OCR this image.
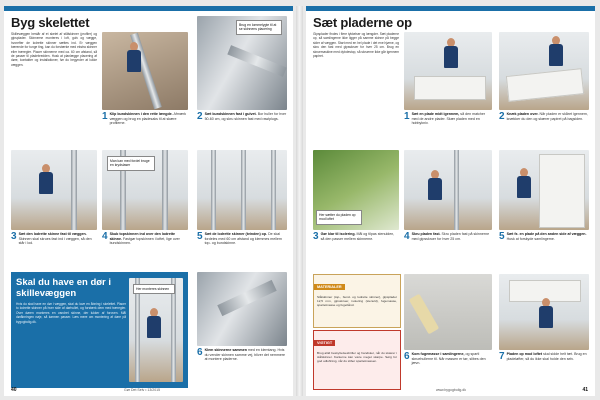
Byg skelettet
Skillevæggen består af et skelet af stålskinner (profiler) og gipsplader. Skinnerne monteres i loft, gulv og vægge, hvorefter de lodrette skinner sættes ind. Er væggen bærende for tunge ting, kan du forstærke med ekstra skinner eller træregler. Placer skinnerne med ca. 60 cm afstand, så de passer til pladebredden. Husk at planlægge placering af døre, kontakter og installationer, før du begynder at lukke væggen.
1 Klip bundskinnen i den rette længde. Afmærk væggen og brug en pladesaks til at skære profilerne.
Brug en lommelygte til at se skinnens placering
2 Sæt bundskinnen fast i gulvet. Bor huller for hver 50-60 cm, og skru skinnen fast med rawlplugs.
3 Sæt den lodrette skinne fast til væggen. Skinnen skal skrues fast ind i væggen, så den står i lod.
Man kan med fordel bruge en krydslaser
4 Skub topskinnen ind over den lodrette skinne. Fastgør topskinnen i loftet, lige over bundskinnen.
5 Sæt de lodrette skinner (tvinden) op. De skal fordeles med 60 cm afstand og klemmes mellem top- og bundskinne.
Skal du have en dør i skillevæggen
Hvis du skal have en dør i væggen, skal du lave en åbning i skelettet. Placer to lodrette skinner på hver side af dørhullet, og forstærk dem med træregler. Over døren monteres en vandret skinne, der lukker af foroven. Mål døråbningen nøje, så karmen passer. Læs mere om montering af døre på bygogbolig.dk.
Her monteres skinnen
6 Klem skinnerne sammen med en klemtang. Hvis du vender skinnen samme vej, bliver det nemmere at montere pladerne.
40	Gør Det Selv • 13/2015
Sæt pladerne op
Gipsplader findes i flere tykkelser og længder. Sæt pladerne op, så samlingerne ikke ligger på samme skinne på begge sider af væggen. Start med en hel plade i det ene hjørne, og skru den fast med gipsskruer for hver 25 cm. Brug en skruemaskine med dybdestop, så skruerne ikke går igennem papiret.
1 Sæt en plade midt igennem, så den matcher med de andre plader. Skær pladen med en hobbykniv.
2 Knæk pladen over. Når pladen er skåret igennem, knækker du den og skærer papiret på bagsiden.
Her sætter du pladen op mod loftet
3 Gør klar til isolering. Mål og tilpas stenulden, så den passer mellem skinnerne.	4 Skru pladen fast. Skru pladen fast på skinnerne med gipsskruer for hver 25 cm.	5 Sæt fx. en plade på den anden side af væggen. Husk at forskyde samlingerne.
MATERIALER
Stålskinner (top-, bund- og lodrette skinner), gipsplader 12,5 mm, gipsskruer, isolering (stenuld), fugemasse, spartelmasse og fugebånd.
VIGTIGT
Brug altid beskyttelsesbriller og handsker, når du skærer i stålskinner. Kanterne kan være meget skarpe. Sørg for god udluftning, når du sliber spartelmassen.	6 Kom fugemasse i samlingerne, og spartl skruehullerne til. Når massen er tør, slibes den jævn.
7 Pladen op mod loftet skal sidde helt tæt. Brug en pladeløfter, så du ikke skal holde den selv.
www.bygogbolig.dk	41
